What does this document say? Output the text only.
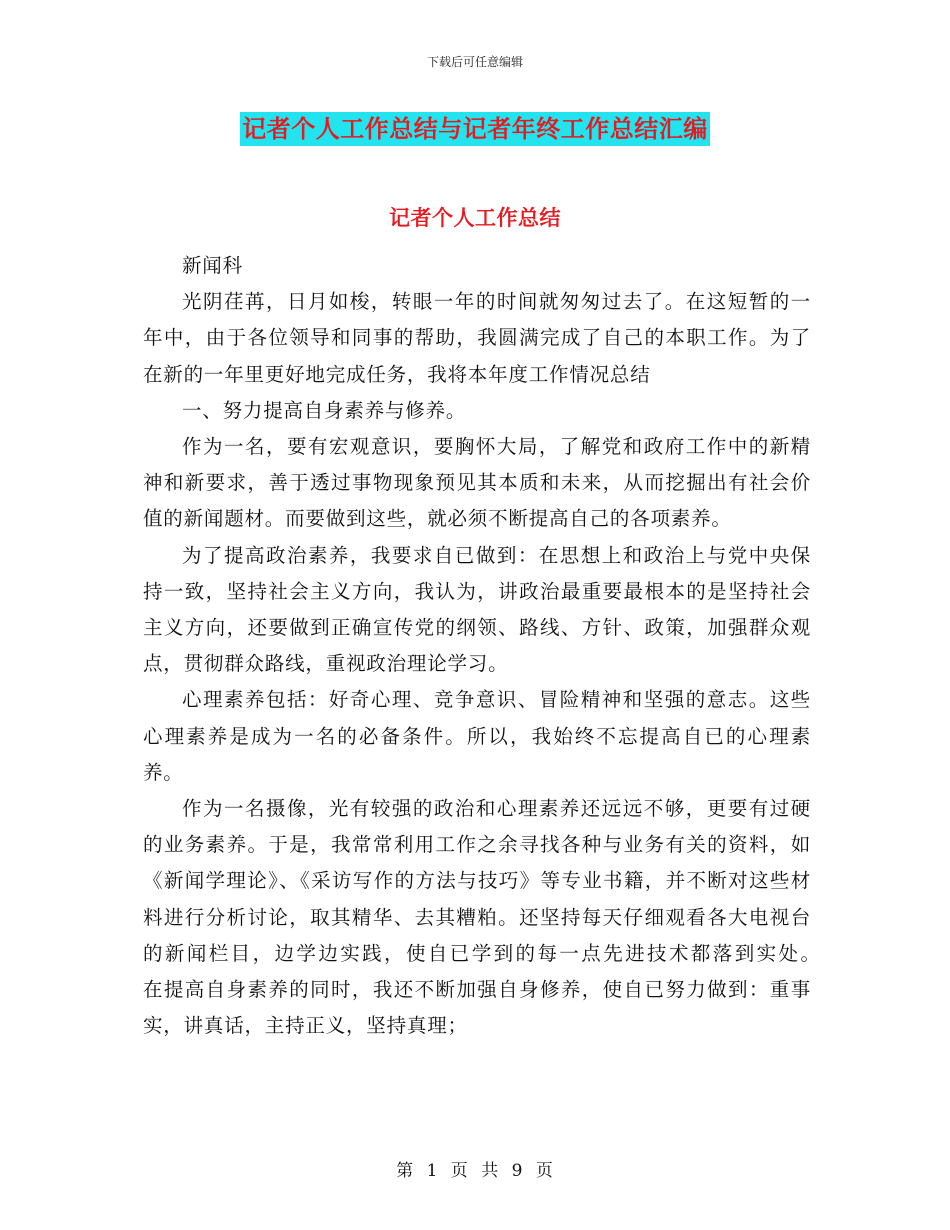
下载后可任意编辑
记者个人工作总结与记者年终工作总结汇编
记者个人工作总结

新闻科

光阴荏苒，日月如梭，转眼一年的时间就匆匆过去了。在这短暂的一年中，由于各位领导和同事的帮助，我圆满完成了自己的本职工作。为了在新的一年里更好地完成任务，我将本年度工作情况总结

一、努力提高自身素养与修养。

作为一名，要有宏观意识，要胸怀大局，了解党和政府工作中的新精神和新要求，善于透过事物现象预见其本质和未来，从而挖掘出有社会价值的新闻题材。而要做到这些，就必须不断提高自己的各项素养。

为了提高政治素养，我要求自已做到：在思想上和政治上与党中央保持一致，坚持社会主义方向，我认为，讲政治最重要最根本的是坚持社会主义方向，还要做到正确宣传党的纲领、路线、方针、政策，加强群众观点，贯彻群众路线，重视政治理论学习。

心理素养包括：好奇心理、竞争意识、冒险精神和坚强的意志。这些心理素养是成为一名的必备条件。所以，我始终不忘提高自已的心理素养。

作为一名摄像，光有较强的政治和心理素养还远远不够，更要有过硬的业务素养。于是，我常常利用工作之余寻找各种与业务有关的资料，如《新闻学理论》、《采访写作的方法与技巧》等专业书籍，并不断对这些材料进行分析讨论，取其精华、去其糟粕。还坚持每天仔细观看各大电视台的新闻栏目，边学边实践，使自已学到的每一点先进技术都落到实处。　　在提高自身素养的同时，我还不断加强自身修养，使自已努力做到：重事实，讲真话，主持正义，坚持真理；

第 1 页 共 9 页
